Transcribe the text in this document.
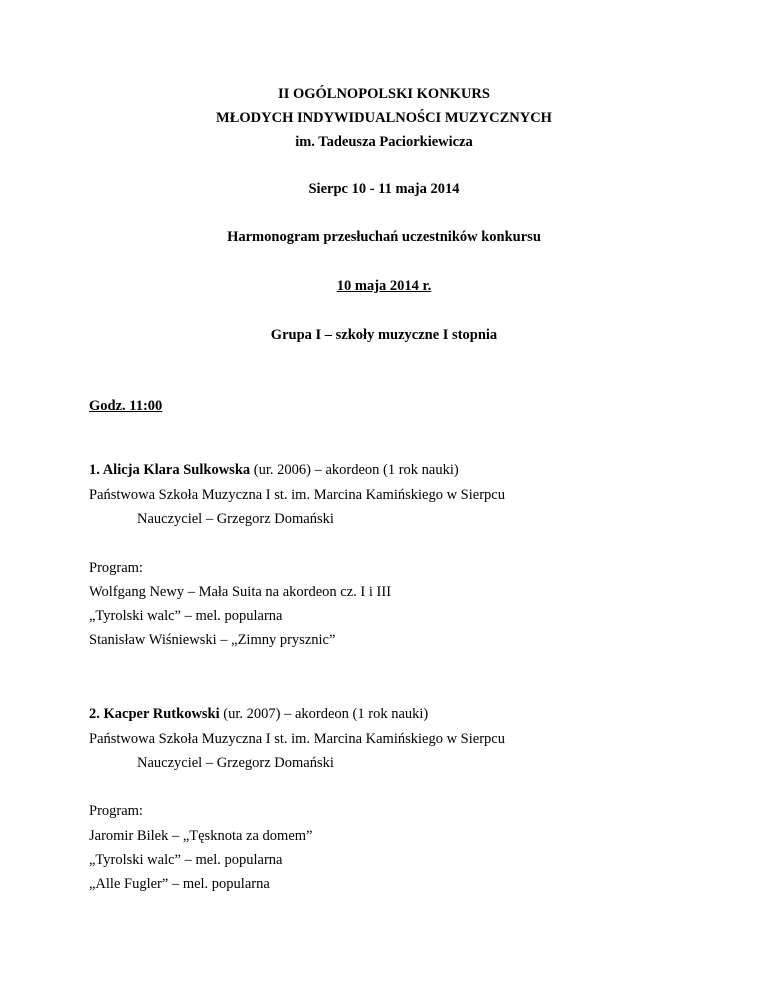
II OGÓLNOPOLSKI KONKURS
MŁODYCH INDYWIDUALNOŚCI MUZYCZNYCH
im. Tadeusza Paciorkiewicza
Sierpc 10 - 11 maja 2014
Harmonogram przesłuchań uczestników konkursu
10 maja 2014 r.
Grupa I – szkoły muzyczne I stopnia
Godz. 11:00
1. Alicja Klara Sulkowska (ur. 2006) – akordeon (1 rok nauki)
Państwowa Szkoła Muzyczna I st. im. Marcina Kamińskiego w Sierpcu
Nauczyciel – Grzegorz Domański
Program:
Wolfgang Newy – Mała Suita na akordeon cz. I i III
„Tyrolski walc” – mel. popularna
Stanisław Wiśniewski – „Zimny prysznic”
2. Kacper Rutkowski (ur. 2007) – akordeon (1 rok nauki)
Państwowa Szkoła Muzyczna I st. im. Marcina Kamińskiego w Sierpcu
Nauczyciel – Grzegorz Domański
Program:
Jaromir Bilek – „Tęsknota za domem”
„Tyrolski walc” – mel. popularna
„Alle Fugler” – mel. popularna
